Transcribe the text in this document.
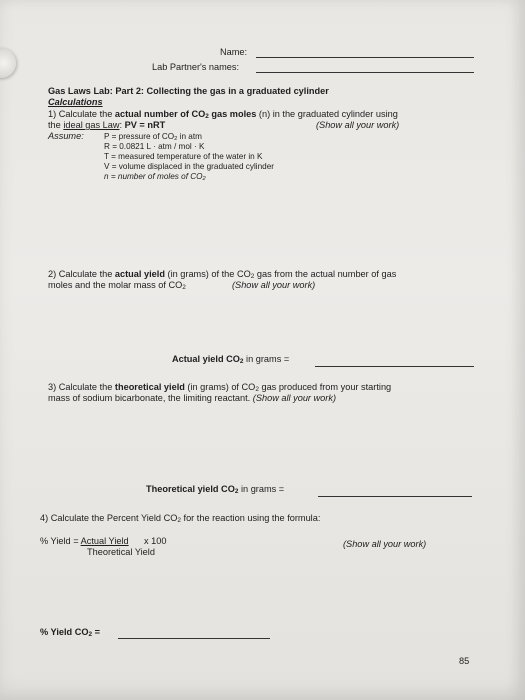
Name:
Lab Partner's names:
Gas Laws Lab: Part 2: Collecting the gas in a graduated cylinder
Calculations
1) Calculate the actual number of $CO_2$ gas moles (n) in the graduated cylinder using
the ideal gas Law: PV = nRT	(Show all your work)
Assume: P = pressure of $CO_2$ in atm
R = 0.0821 L · atm / mol · K
T = measured temperature of the water in K
V = volume displaced in the graduated cylinder
n = number of moles of $CO_2$
2) Calculate the actual yield (in grams) of the $CO_2$ gas from the actual number of gas
moles and the molar mass of $CO_2$	(Show all your work)
Actual yield $CO_2$ in grams =
3) Calculate the theoretical yield (in grams) of $CO_2$ gas produced from your starting
mass of sodium bicarbonate, the limiting reactant. (Show all your work)
Theoretical yield $CO_2$ in grams =
4) Calculate the Percent Yield $CO_2$ for the reaction using the formula:
% Yield = Actual Yield x 100
Theoretical Yield
(Show all your work)
% Yield $CO_2$ =
85
